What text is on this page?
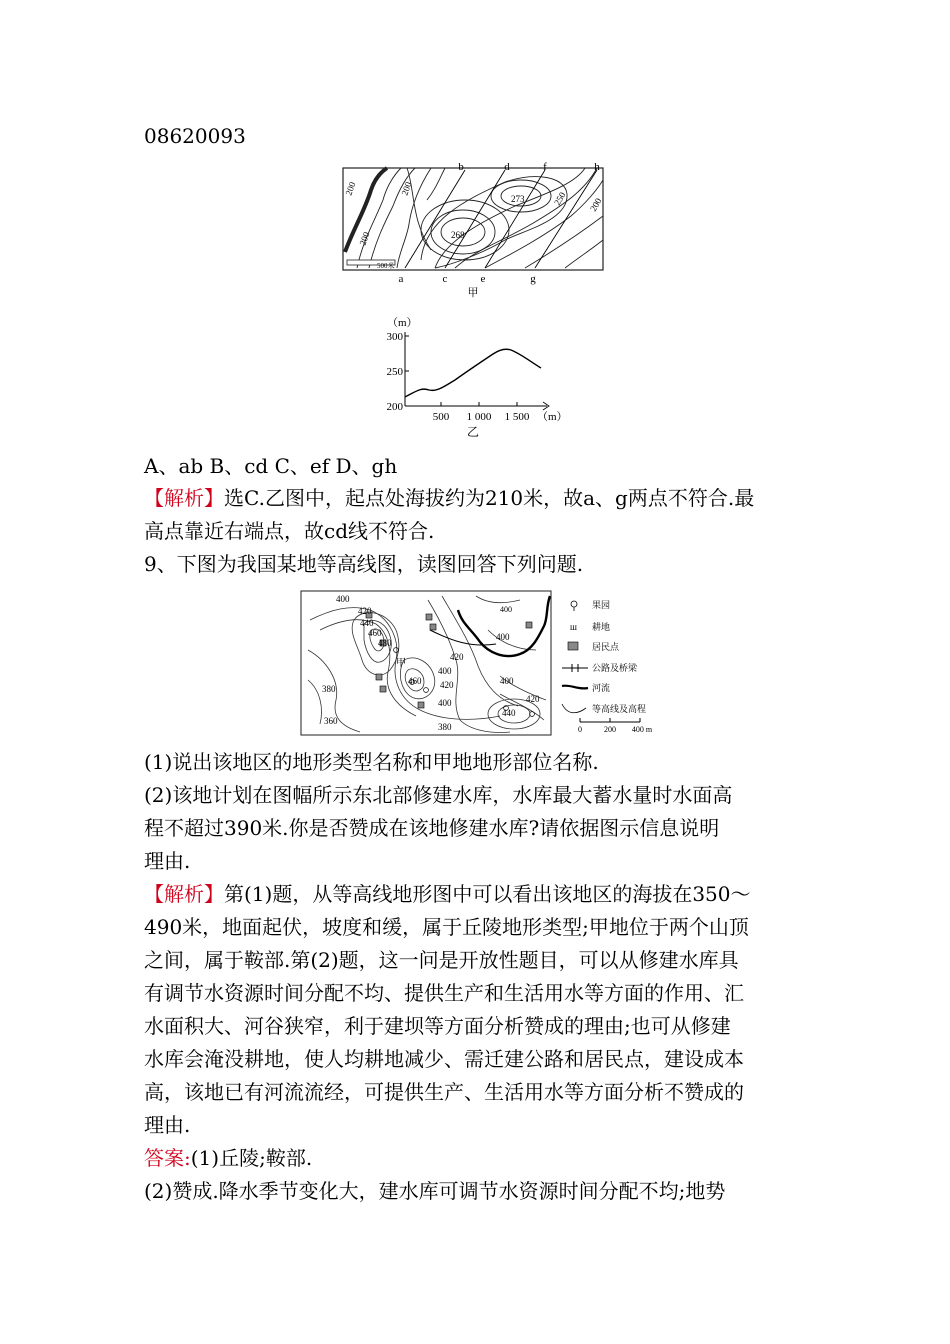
08620093
b	d	f	h
a	c	e	g
200	200
200
273
268
250 200
500米
甲
（m）
300
250
200
500 1 000 1 500 （m）
乙
A、ab B、cd C、ef D、gh
【解析】选C.乙图中，起点处海拔约为210米，故a、g两点不符合.最
高点靠近右端点，故cd线不符合.
9、下图为我国某地等高线图，读图回答下列问题.
400
420
440
460
480
甲
460
400
420
400
380
360
380
440
420
400
400
400
420
果园
ш 耕地
居民点
公路及桥梁
河流
等高线及高程
0	200 400 m
(1)说出该地区的地形类型名称和甲地地形部位名称.
(2)该地计划在图幅所示东北部修建水库，水库最大蓄水量时水面高
程不超过390米.你是否赞成在该地修建水库?请依据图示信息说明
理由.
【解析】第(1)题，从等高线地形图中可以看出该地区的海拔在350～
490米，地面起伏，坡度和缓，属于丘陵地形类型;甲地位于两个山顶
之间，属于鞍部.第(2)题，这一问是开放性题目，可以从修建水库具
有调节水资源时间分配不均、提供生产和生活用水等方面的作用、汇
水面积大、河谷狭窄，利于建坝等方面分析赞成的理由;也可从修建
水库会淹没耕地，使人均耕地减少、需迁建公路和居民点，建设成本
高，该地已有河流流经，可提供生产、生活用水等方面分析不赞成的
理由.
答案:(1)丘陵;鞍部.
(2)赞成.降水季节变化大，建水库可调节水资源时间分配不均;地势
